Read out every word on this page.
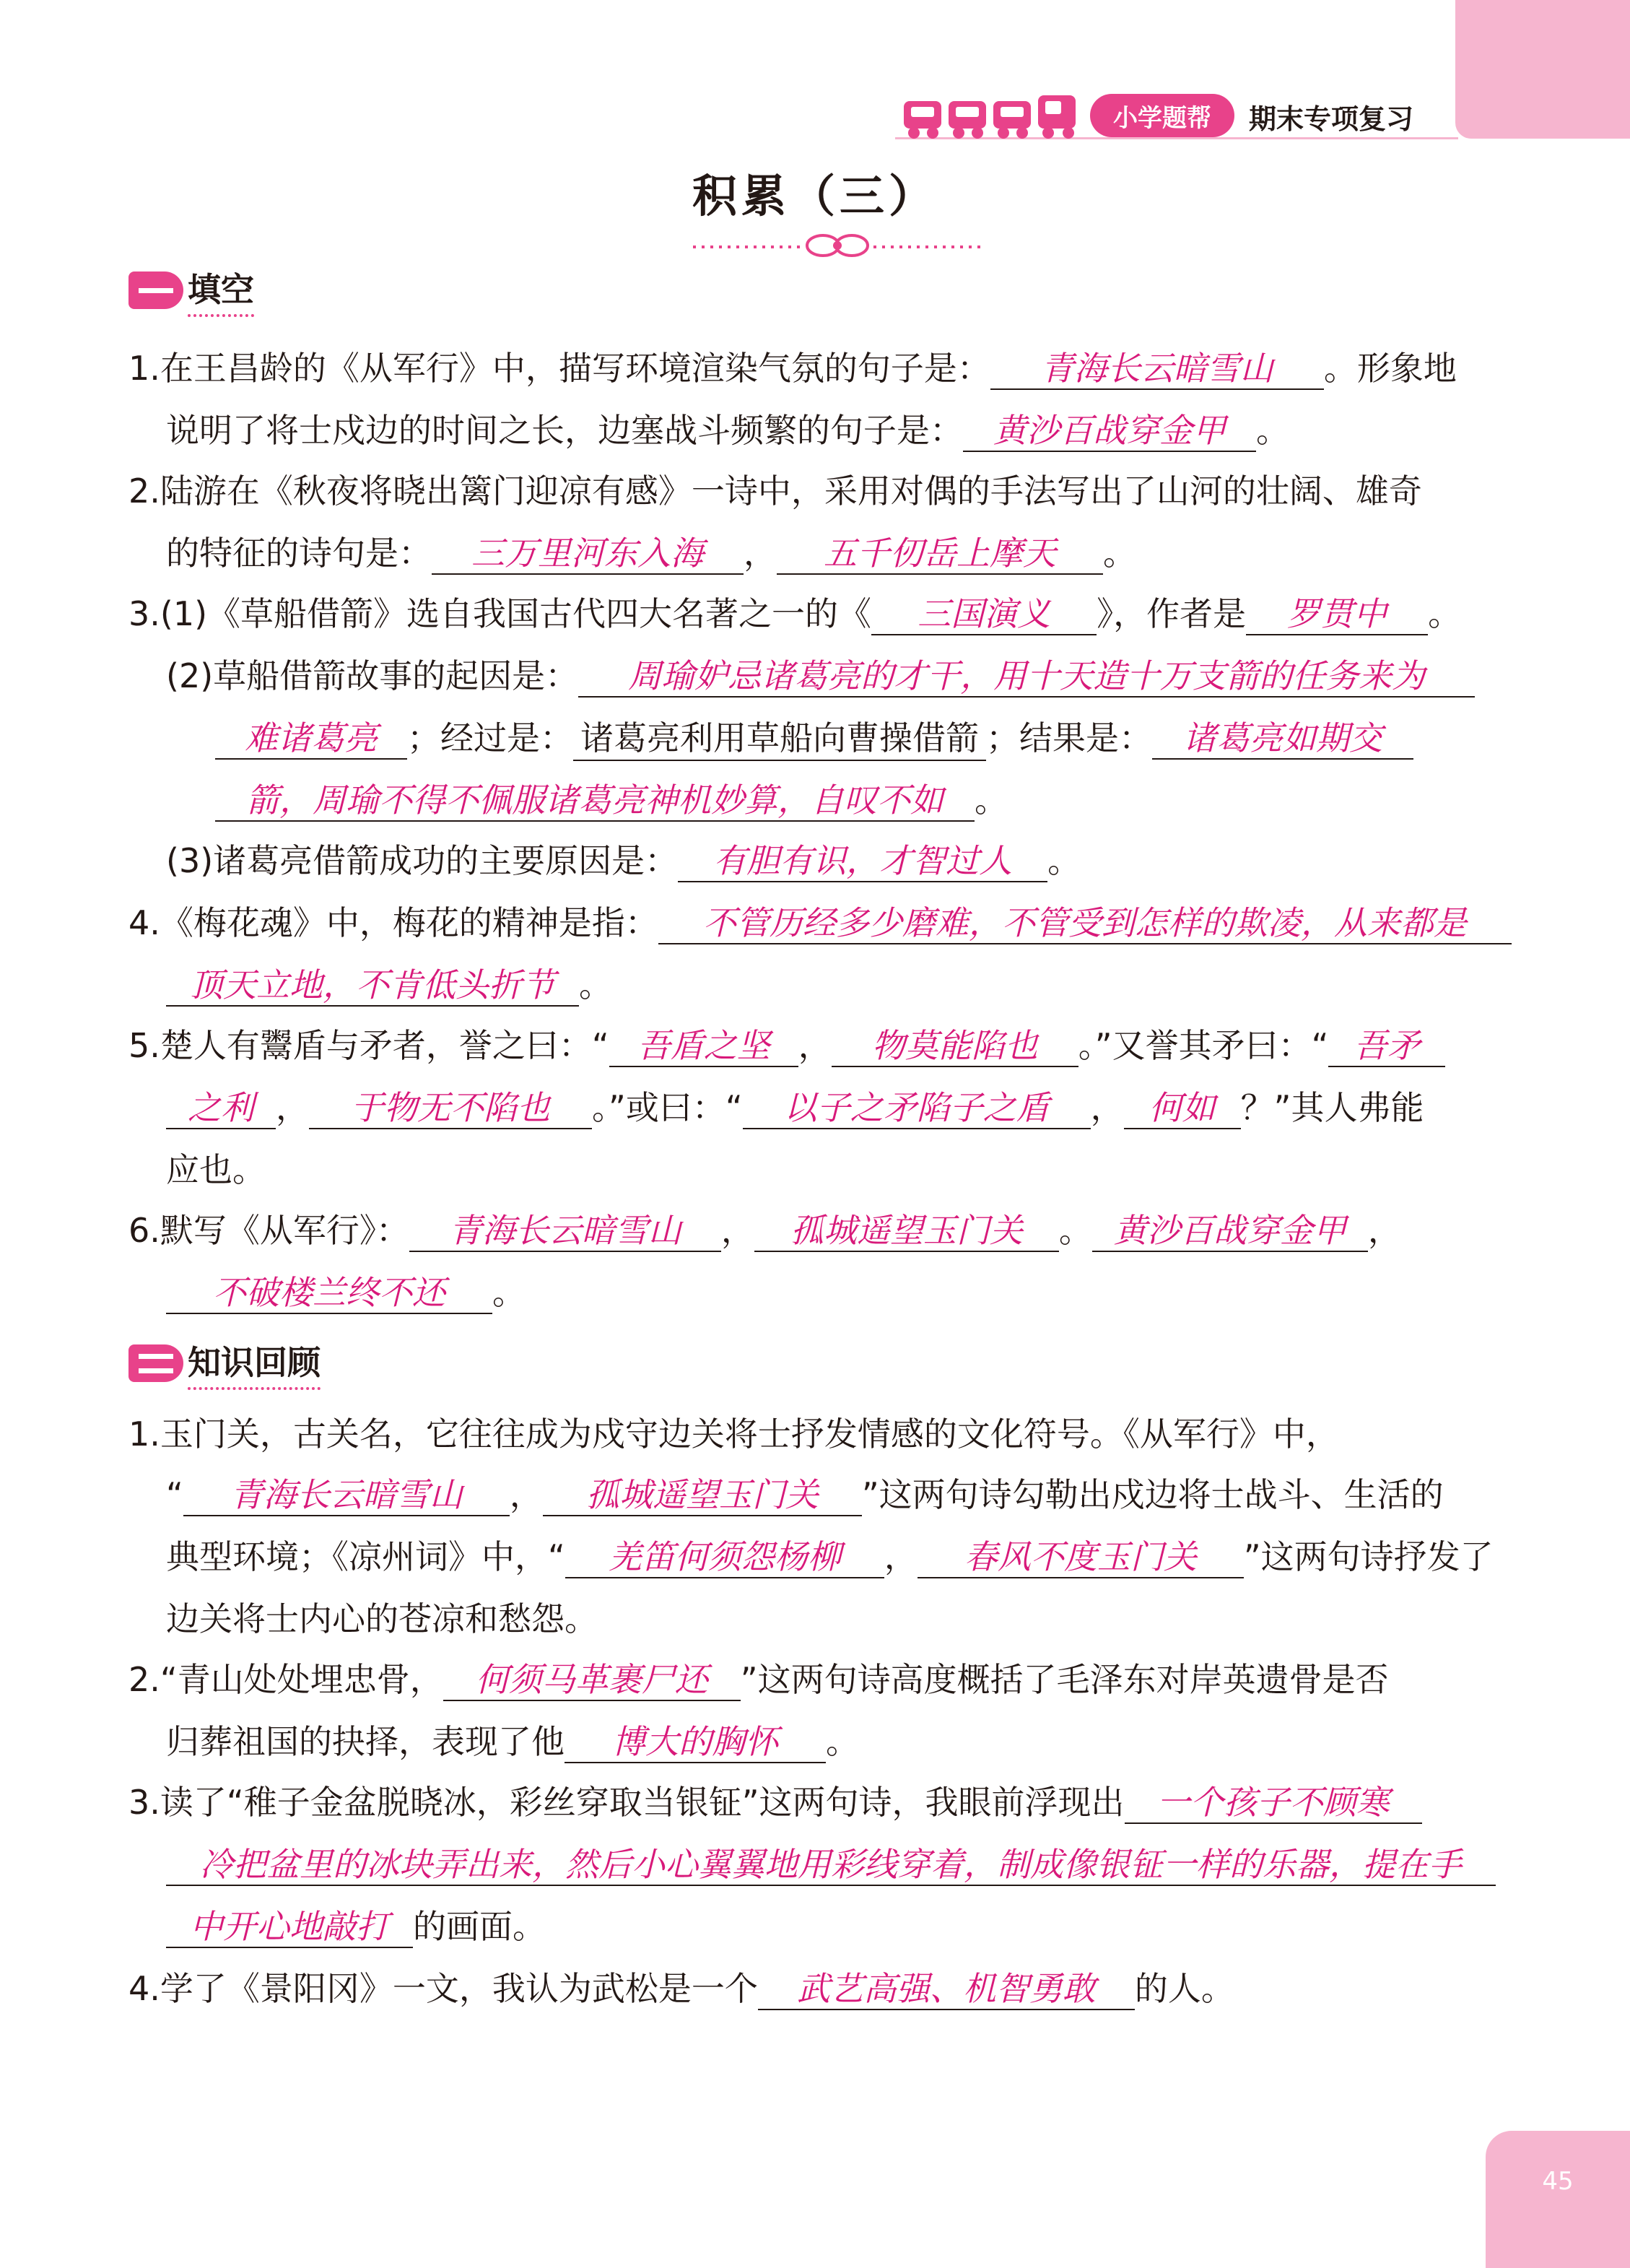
小学题帮	期末专项复习
积累（三）
填空
1.在王昌龄的《从军行》中，描写环境渲染气氛的句子是： 青海长云暗雪山 。形象地
说明了将士戍边的时间之长，边塞战斗频繁的句子是： 黄沙百战穿金甲 。
2.陆游在《秋夜将晓出篱门迎凉有感》一诗中，采用对偶的手法写出了山河的壮阔、雄奇
的特征的诗句是： 三万里河东入海 ， 五千仞岳上摩天 。
3.(1)《草船借箭》选自我国古代四大名著之一的《 三国演义 》，作者是 罗贯中 。
(2)草船借箭故事的起因是： 周瑜妒忌诸葛亮的才干，用十天造十万支箭的任务来为
难诸葛亮 ；经过是： 诸葛亮利用草船向曹操借箭 ；结果是： 诸葛亮如期交
箭，周瑜不得不佩服诸葛亮神机妙算，自叹不如 。
(3)诸葛亮借箭成功的主要原因是： 有胆有识，才智过人 。
4.《梅花魂》中，梅花的精神是指： 不管历经多少磨难，不管受到怎样的欺凌，从来都是
顶天立地，不肯低头折节 。
5.楚人有鬻盾与矛者，誉之曰：“ 吾盾之坚 ， 物莫能陷也 。”又誉其矛曰：“ 吾矛
之利 ， 于物无不陷也 。”或曰：“ 以子之矛陷子之盾 ， 何如 ？”其人弗能
应也。
6.默写《从军行》： 青海长云暗雪山 ， 孤城遥望玉门关 。 黄沙百战穿金甲 ，
不破楼兰终不还 。
知识回顾
1.玉门关，古关名，它往往成为戍守边关将士抒发情感的文化符号。《从军行》中，
“ 青海长云暗雪山 ， 孤城遥望玉门关 ”这两句诗勾勒出戍边将士战斗、生活的
典型环境；《凉州词》中，“ 羌笛何须怨杨柳 ， 春风不度玉门关 ”这两句诗抒发了
边关将士内心的苍凉和愁怨。
2.“青山处处埋忠骨， 何须马革裹尸还 ”这两句诗高度概括了毛泽东对岸英遗骨是否
归葬祖国的抉择，表现了他 博大的胸怀 。
3.读了“稚子金盆脱晓冰，彩丝穿取当银钲”这两句诗，我眼前浮现出 一个孩子不顾寒
冷把盆里的冰块弄出来，然后小心翼翼地用彩线穿着，制成像银钲一样的乐器，提在手
中开心地敲打 的画面。
4.学了《景阳冈》一文，我认为武松是一个 武艺高强、机智勇敢 的人。
45
